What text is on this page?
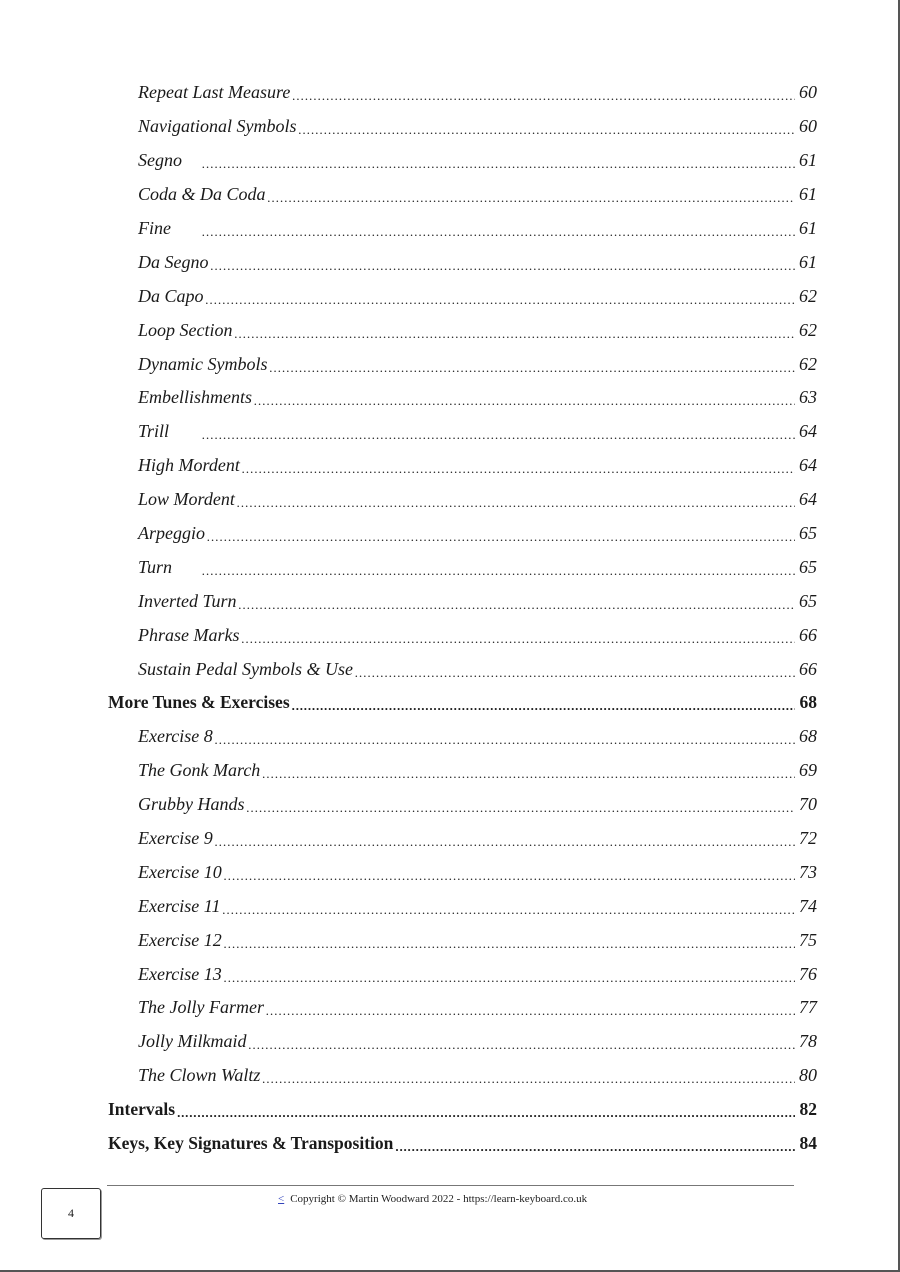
Repeat Last Measure .....	60
Navigational Symbols .....	60
Segno .....	61
Coda & Da Coda .....	61
Fine .....	61
Da Segno .....	61
Da Capo .....	62
Loop Section .....	62
Dynamic Symbols .....	62
Embellishments .....	63
Trill .....	64
High Mordent .....	64
Low Mordent .....	64
Arpeggio .....	65
Turn .....	65
Inverted Turn .....	65
Phrase Marks .....	66
Sustain Pedal Symbols & Use .....	66
More Tunes & Exercises .....	68
Exercise 8 .....	68
The Gonk March .....	69
Grubby Hands .....	70
Exercise 9 .....	72
Exercise 10 .....	73
Exercise 11 .....	74
Exercise 12 .....	75
Exercise 13 .....	76
The Jolly Farmer .....	77
Jolly Milkmaid .....	78
The Clown Waltz .....	80
Intervals .....	82
Keys, Key Signatures & Transposition .....	84
4
< Copyright © Martin Woodward 2022 - https://learn-keyboard.co.uk
